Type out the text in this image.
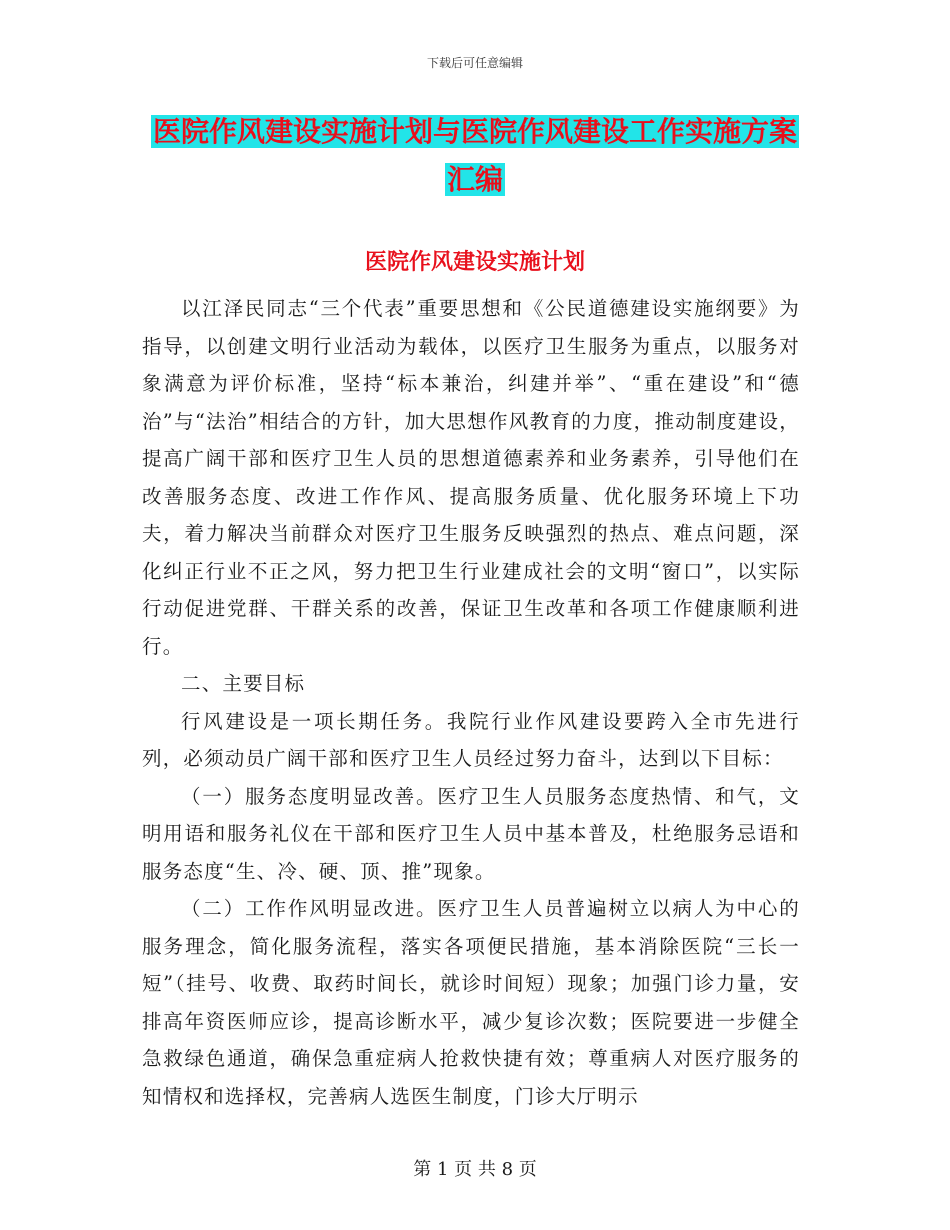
下载后可任意编辑
医院作风建设实施计划与医院作风建设工作实施方案
汇编
医院作风建设实施计划

以江泽民同志“三个代表”重要思想和《公民道德建设实施纲要》为指导，以创建文明行业活动为载体，以医疗卫生服务为重点，以服务对象满意为评价标准，坚持“标本兼治，纠建并举”、“重在建设”和“德治”与“法治”相结合的方针，加大思想作风教育的力度，推动制度建设，提高广阔干部和医疗卫生人员的思想道德素养和业务素养，引导他们在改善服务态度、改进工作作风、提高服务质量、优化服务环境上下功夫，着力解决当前群众对医疗卫生服务反映强烈的热点、难点问题，深化纠正行业不正之风，努力把卫生行业建成社会的文明“窗口”，以实际行动促进党群、干群关系的改善，保证卫生改革和各项工作健康顺利进行。

二、主要目标

行风建设是一项长期任务。我院行业作风建设要跨入全市先进行列，必须动员广阔干部和医疗卫生人员经过努力奋斗，达到以下目标：

（一）服务态度明显改善。医疗卫生人员服务态度热情、和气，文明用语和服务礼仪在干部和医疗卫生人员中基本普及，杜绝服务忌语和服务态度“生、冷、硬、顶、推”现象。

（二）工作作风明显改进。医疗卫生人员普遍树立以病人为中心的服务理念，简化服务流程，落实各项便民措施，基本消除医院“三长一短”（挂号、收费、取药时间长，就诊时间短）现象；加强门诊力量，安排高年资医师应诊，提高诊断水平，减少复诊次数；医院要进一步健全急救绿色通道，确保急重症病人抢救快捷有效；尊重病人对医疗服务的知情权和选择权，完善病人选医生制度，门诊大厅明示

第 1 页 共 8 页
